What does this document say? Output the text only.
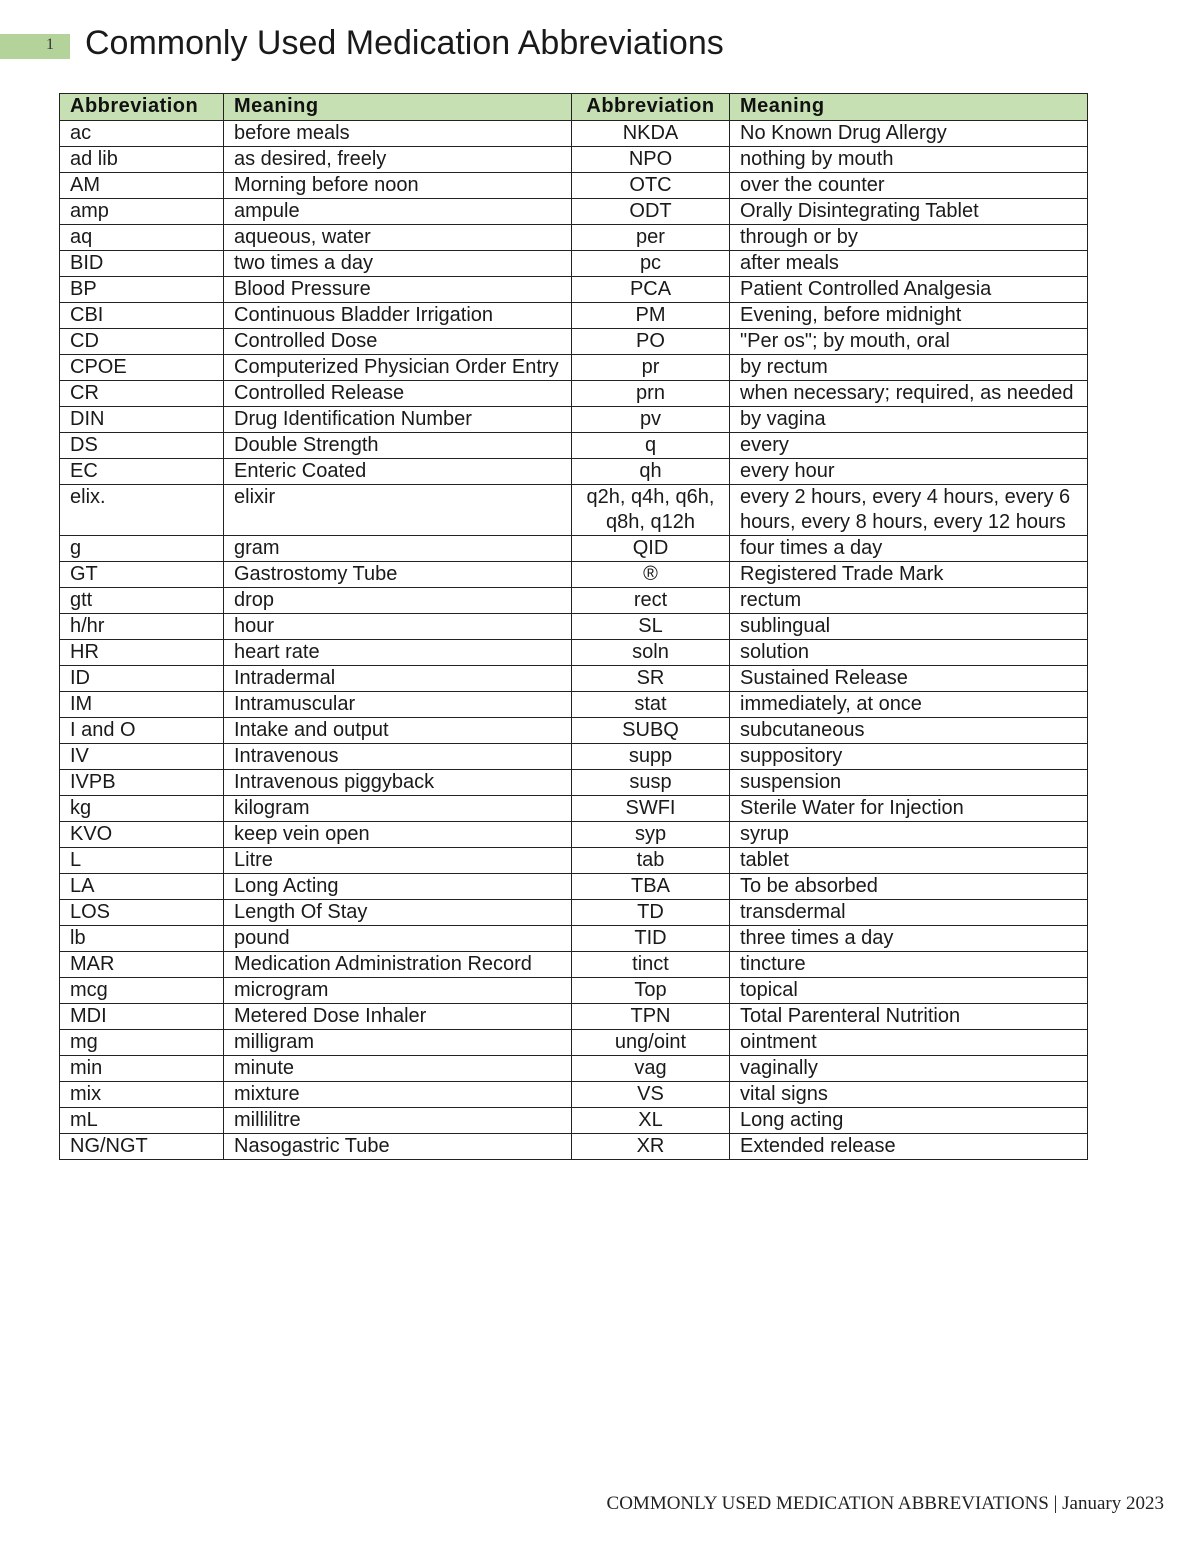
1 Commonly Used Medication Abbreviations
Abbreviation	Meaning	Abbreviation	Meaning
ac	before meals	NKDA	No Known Drug Allergy
ad lib	as desired, freely	NPO	nothing by mouth
AM	Morning before noon	OTC	over the counter
amp	ampule	ODT	Orally Disintegrating Tablet
aq	aqueous, water	per	through or by
BID	two times a day	pc	after meals
BP	Blood Pressure	PCA	Patient Controlled Analgesia
CBI	Continuous Bladder Irrigation	PM	Evening, before midnight
CD	Controlled Dose	PO	"Per os"; by mouth, oral
CPOE	Computerized Physician Order Entry	pr	by rectum
CR	Controlled Release	prn	when necessary; required, as needed
DIN	Drug Identification Number	pv	by vagina
DS	Double Strength	q	every
EC	Enteric Coated	qh	every hour
elix.	elixir	q2h, q4h, q6h, q8h, q12h	every 2 hours, every 4 hours, every 6 hours, every 8 hours, every 12 hours
g	gram	QID	four times a day
GT	Gastrostomy Tube	®	Registered Trade Mark
gtt	drop	rect	rectum
h/hr	hour	SL	sublingual
HR	heart rate	soln	solution
ID	Intradermal	SR	Sustained Release
IM	Intramuscular	stat	immediately, at once
I and O	Intake and output	SUBQ	subcutaneous
IV	Intravenous	supp	suppository
IVPB	Intravenous piggyback	susp	suspension
kg	kilogram	SWFI	Sterile Water for Injection
KVO	keep vein open	syp	syrup
L	Litre	tab	tablet
LA	Long Acting	TBA	To be absorbed
LOS	Length Of Stay	TD	transdermal
lb	pound	TID	three times a day
MAR	Medication Administration Record	tinct	tincture
mcg	microgram	Top	topical
MDI	Metered Dose Inhaler	TPN	Total Parenteral Nutrition
mg	milligram	ung/oint	ointment
min	minute	vag	vaginally
mix	mixture	VS	vital signs
mL	millilitre	XL	Long acting
NG/NGT	Nasogastric Tube	XR	Extended release
COMMONLY USED MEDICATION ABBREVIATIONS | January 2023
